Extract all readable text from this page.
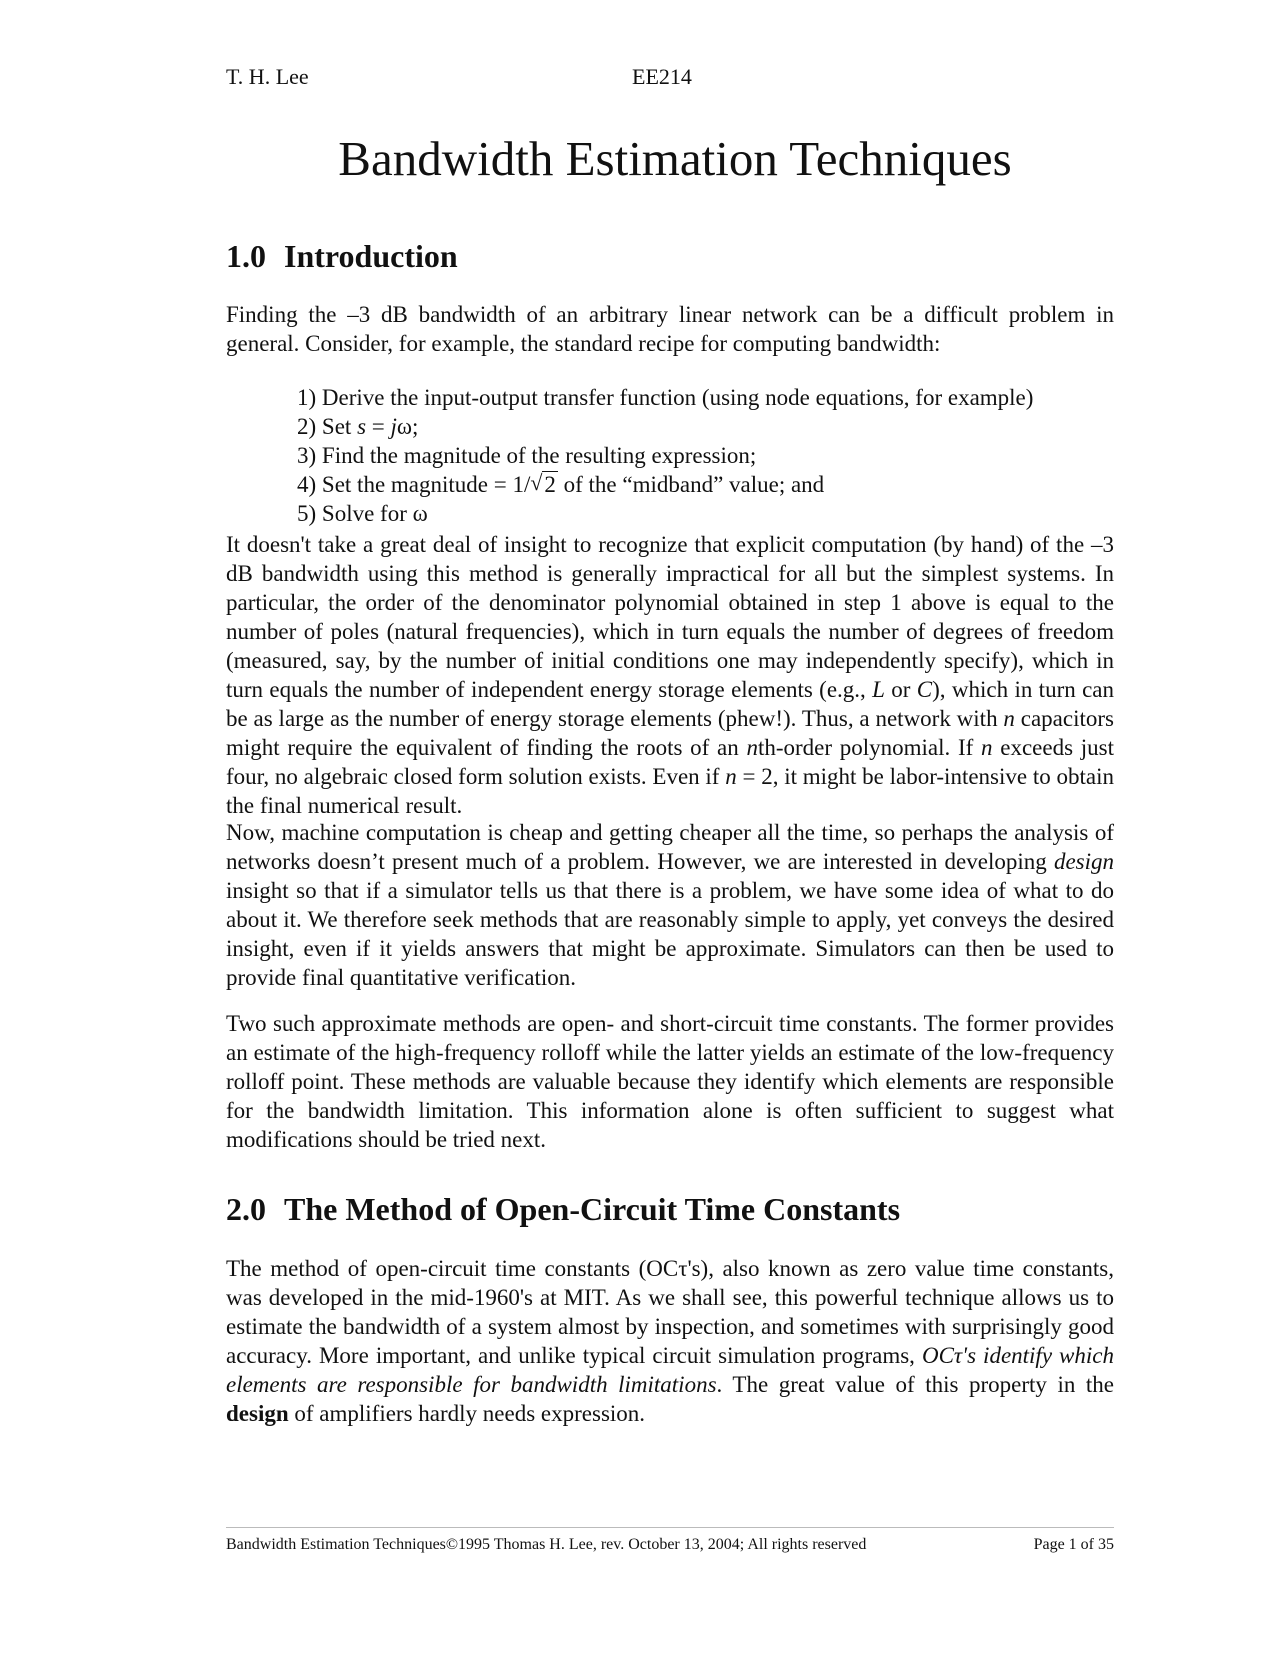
T. H. Lee	EE214
Bandwidth Estimation Techniques
1.0 Introduction

Finding the –3 dB bandwidth of an arbitrary linear network can be a difficult problem in general. Consider, for example, the standard recipe for computing bandwidth:

1) Derive the input-output transfer function (using node equations, for example)
2) Set s = jω;
3) Find the magnitude of the resulting expression;
4) Set the magnitude = 1/√ 2 of the “midband” value; and
5) Solve for ω

It doesn't take a great deal of insight to recognize that explicit computation (by hand) of the –3 dB bandwidth using this method is generally impractical for all but the simplest systems. In particular, the order of the denominator polynomial obtained in step 1 above is equal to the number of poles (natural frequencies), which in turn equals the number of degrees of freedom (measured, say, by the number of initial conditions one may independently specify), which in turn equals the number of independent energy storage elements (e.g., L or C), which in turn can be as large as the number of energy storage elements (phew!). Thus, a network with n capacitors might require the equivalent of finding the roots of an nth-order polynomial. If n exceeds just four, no algebraic closed form solution exists. Even if n = 2, it might be labor-intensive to obtain the final numerical result.

Now, machine computation is cheap and getting cheaper all the time, so perhaps the analysis of networks doesn’t present much of a problem. However, we are interested in developing design insight so that if a simulator tells us that there is a problem, we have some idea of what to do about it. We therefore seek methods that are reasonably simple to apply, yet conveys the desired insight, even if it yields answers that might be approximate. Simulators can then be used to provide final quantitative verification.

Two such approximate methods are open- and short-circuit time constants. The former provides an estimate of the high-frequency rolloff while the latter yields an estimate of the low-frequency rolloff point. These methods are valuable because they identify which elements are responsible for the bandwidth limitation. This information alone is often sufficient to suggest what modifications should be tried next.

2.0 The Method of Open-Circuit Time Constants

The method of open-circuit time constants (OCτ's), also known as zero value time constants, was developed in the mid-1960's at MIT. As we shall see, this powerful technique allows us to estimate the bandwidth of a system almost by inspection, and sometimes with surprisingly good accuracy. More important, and unlike typical circuit simulation programs, OCτ's identify which elements are responsible for bandwidth limitations. The great value of this property in the design of amplifiers hardly needs expression.

Bandwidth Estimation Techniques©1995 Thomas H. Lee, rev. October 13, 2004; All rights reserved	Page 1 of 35
